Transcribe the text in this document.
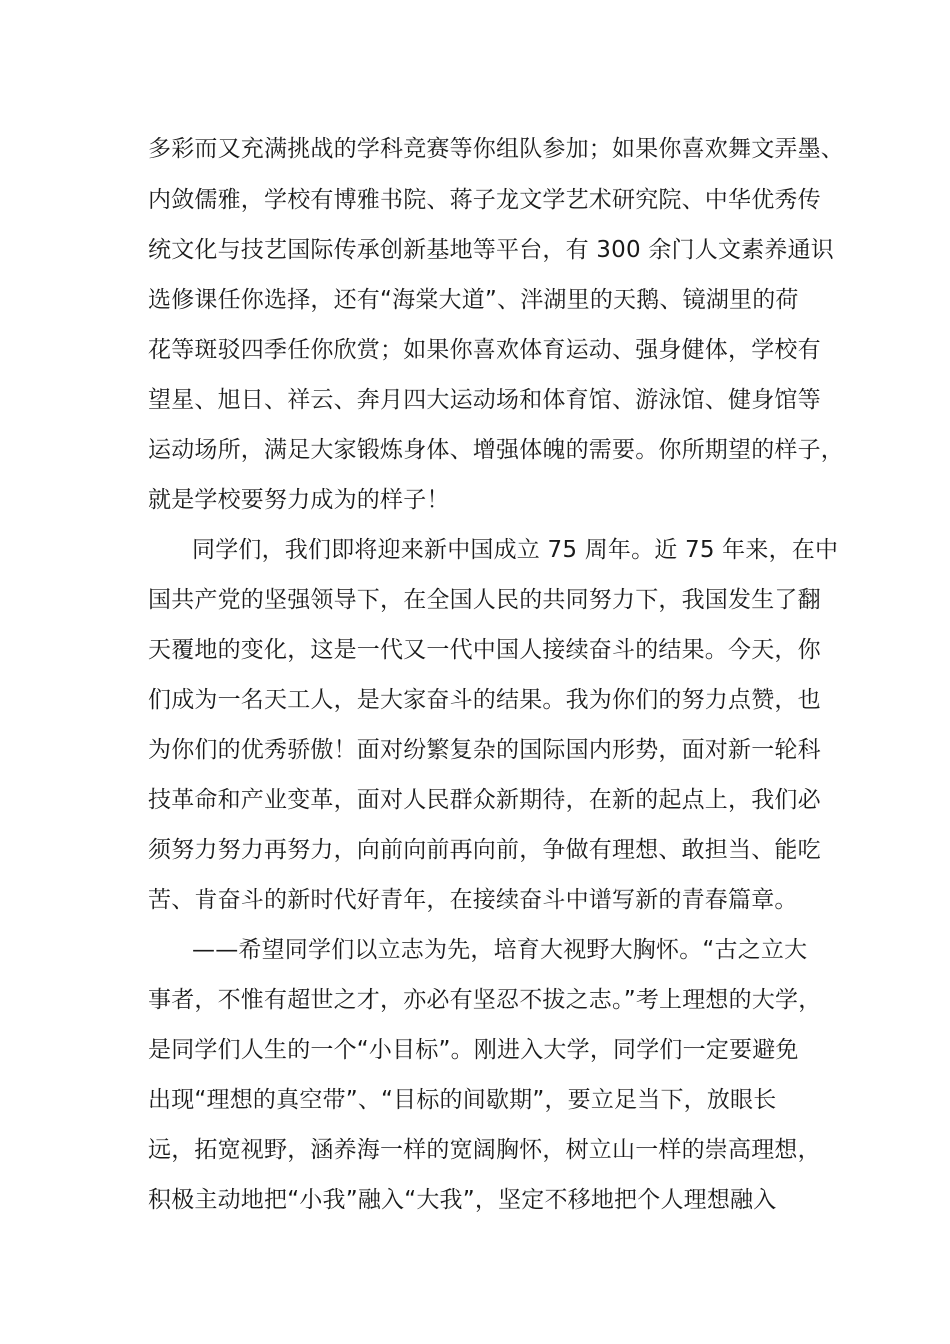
多彩而又充满挑战的学科竞赛等你组队参加；如果你喜欢舞文弄墨、
内敛儒雅，学校有博雅书院、蒋子龙文学艺术研究院、中华优秀传
统文化与技艺国际传承创新基地等平台，有 300 余门人文素养通识
选修课任你选择，还有“海棠大道”、泮湖里的天鹅、镜湖里的荷
花等斑驳四季任你欣赏；如果你喜欢体育运动、强身健体，学校有
望星、旭日、祥云、奔月四大运动场和体育馆、游泳馆、健身馆等
运动场所，满足大家锻炼身体、增强体魄的需要。你所期望的样子，
就是学校要努力成为的样子！
同学们，我们即将迎来新中国成立 75 周年。近 75 年来，在中
国共产党的坚强领导下，在全国人民的共同努力下，我国发生了翻
天覆地的变化，这是一代又一代中国人接续奋斗的结果。今天，你
们成为一名天工人，是大家奋斗的结果。我为你们的努力点赞，也
为你们的优秀骄傲！面对纷繁复杂的国际国内形势，面对新一轮科
技革命和产业变革，面对人民群众新期待，在新的起点上，我们必
须努力努力再努力，向前向前再向前，争做有理想、敢担当、能吃
苦、肯奋斗的新时代好青年，在接续奋斗中谱写新的青春篇章。
——希望同学们以立志为先，培育大视野大胸怀。“古之立大
事者，不惟有超世之才，亦必有坚忍不拔之志。”考上理想的大学，
是同学们人生的一个“小目标”。刚进入大学，同学们一定要避免
出现“理想的真空带”、“目标的间歇期”，要立足当下，放眼长
远，拓宽视野，涵养海一样的宽阔胸怀，树立山一样的崇高理想，
积极主动地把“小我”融入“大我”，坚定不移地把个人理想融入
